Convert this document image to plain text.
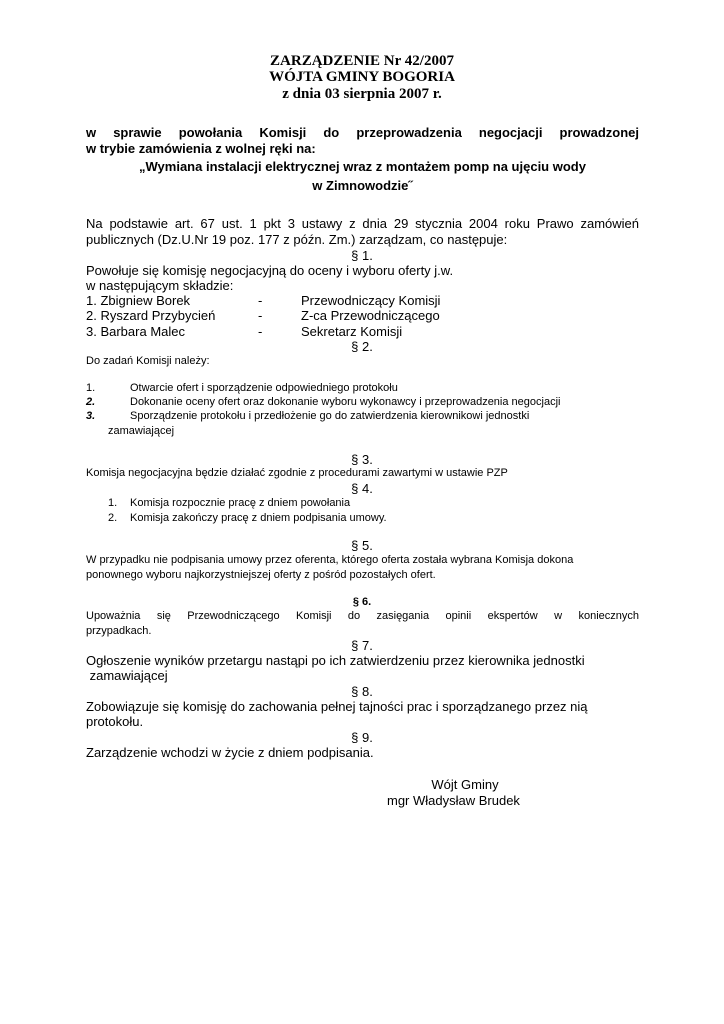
ZARZĄDZENIE Nr 42/2007
WÓJTA GMINY BOGORIA
z dnia 03 sierpnia 2007 r.
w sprawie powołania Komisji do przeprowadzenia negocjacji prowadzonej
w trybie zamówienia z wolnej ręki na:
„Wymiana instalacji elektrycznej wraz z montażem pomp na ujęciu wody
w Zimnowodzie˝
Na podstawie art. 67 ust. 1 pkt 3 ustawy z dnia 29 stycznia 2004 roku Prawo zamówień
publicznych (Dz.U.Nr 19 poz. 177 z późn. Zm.) zarządzam, co następuje:
§ 1.
Powołuje się komisję negocjacyjną do oceny i wyboru oferty j.w.
w następującym składzie:
1. Zbigniew Borek	-	Przewodniczący Komisji
2. Ryszard Przybycień	-	Z-ca Przewodniczącego
3. Barbara Malec	-	Sekretarz Komisji
§ 2.
Do zadań Komisji należy:
1.	Otwarcie ofert i sporządzenie odpowiedniego protokołu
2.	Dokonanie oceny ofert oraz dokonanie wyboru wykonawcy i przeprowadzenia negocjacji
3.	Sporządzenie protokołu i przedłożenie go do zatwierdzenia kierownikowi jednostki
zamawiającej
§ 3.
Komisja negocjacyjna będzie działać zgodnie z procedurami zawartymi w ustawie PZP
§ 4.
1. Komisja rozpocznie pracę z dniem powołania
2. Komisja zakończy pracę z dniem podpisania umowy.
§ 5.
W przypadku nie podpisania umowy przez oferenta, którego oferta została wybrana Komisja dokona
ponownego wyboru najkorzystniejszej oferty z pośród pozostałych ofert.
§ 6.
Upoważnia się Przewodniczącego Komisji do zasięgania opinii ekspertów w koniecznych
przypadkach.
§ 7.
Ogłoszenie wyników przetargu nastąpi po ich zatwierdzeniu przez kierownika jednostki
zamawiającej
§ 8.
Zobowiązuje się komisję do zachowania pełnej tajności prac i sporządzanego przez nią
protokołu.
§ 9.
Zarządzenie wchodzi w życie z dniem podpisania.
Wójt Gminy
mgr Władysław Brudek
